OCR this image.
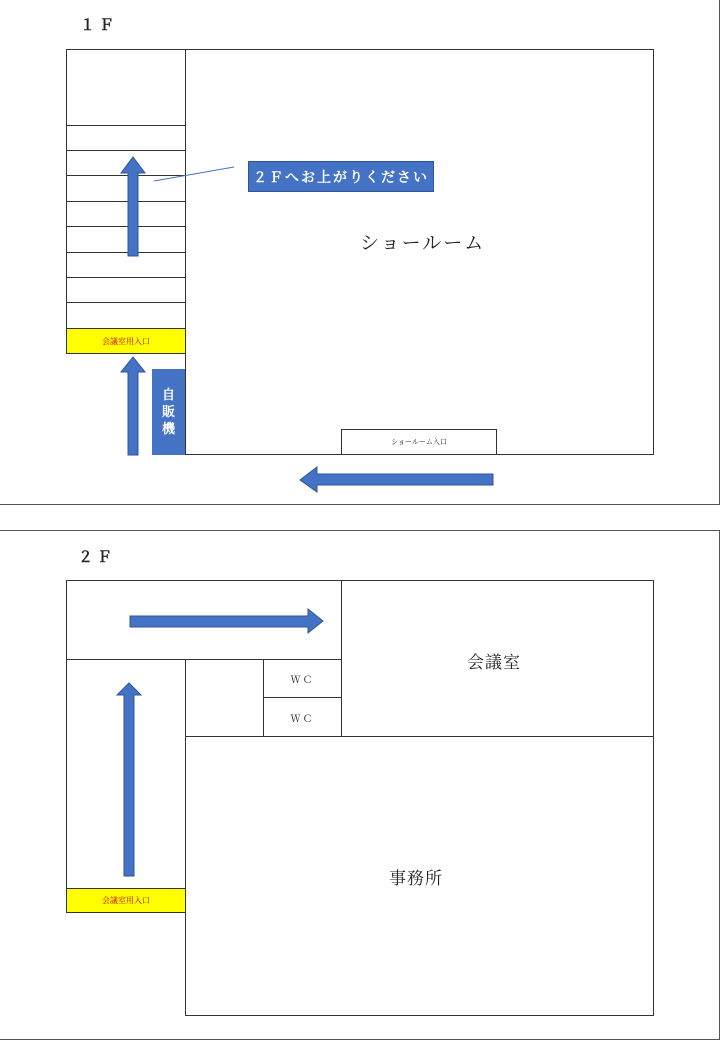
１Ｆ
会議室用入口
ショールーム
ショールーム入口
２Ｆへお上がりください
自
販
機
２Ｆ
会議室用入口
会議室
ＷＣ
ＷＣ
事務所
